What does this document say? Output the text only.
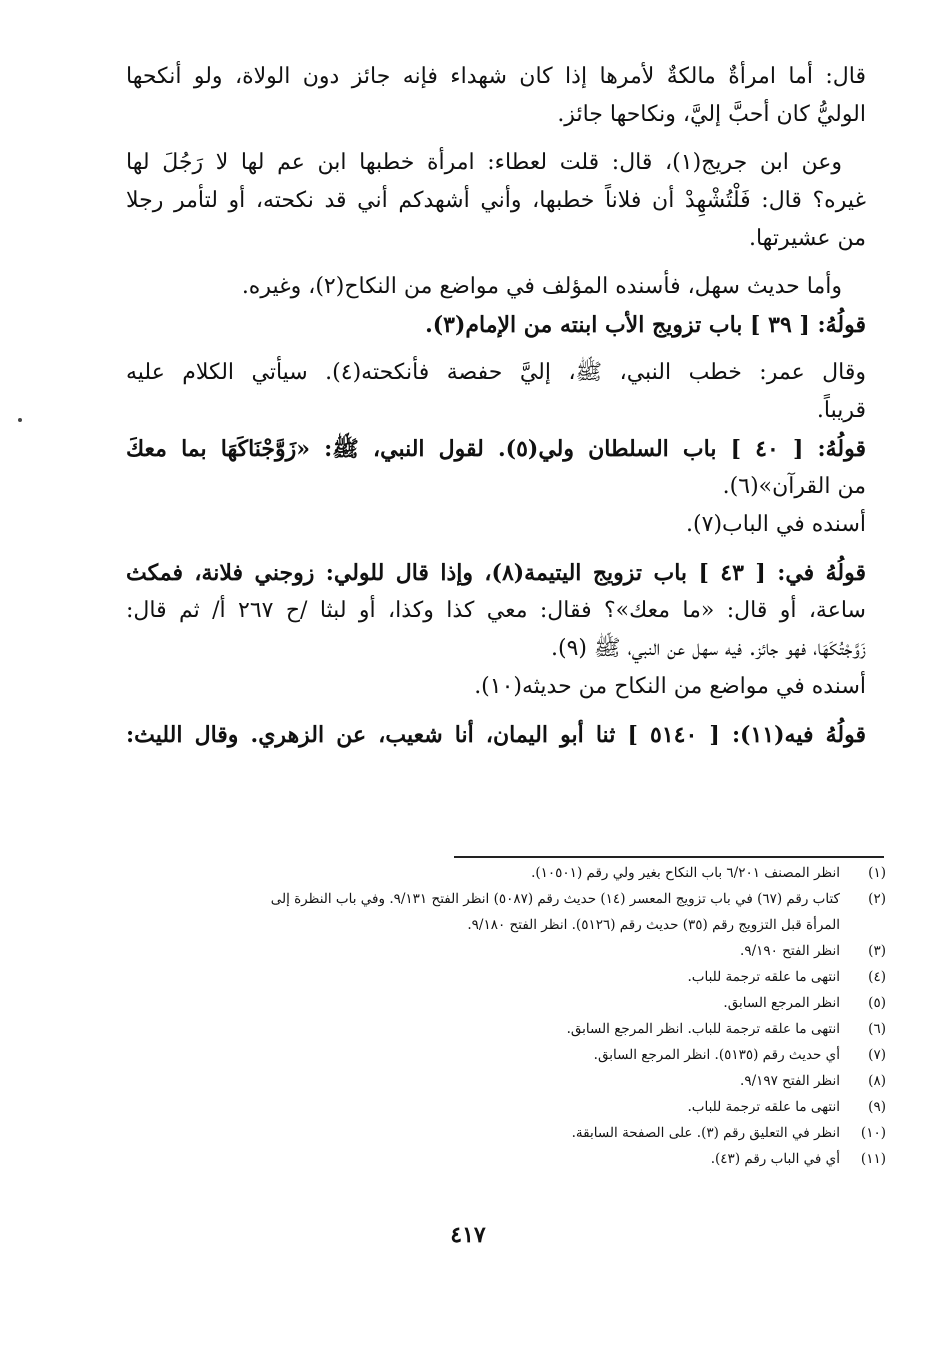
قال: أما امرأةٌ مالكةٌ لأمرها إذا كان شهداء فإنه جائز دون الولاة، ولو أنكحها
الوليُّ كان أحبَّ إليَّ، ونكاحها جائز.
وعن ابن جريج(١)، قال: قلت لعطاء: امرأة خطبها ابن عم لها لا رَجُلَ لها
غيره؟ قال: فَلْتُشْهِدْ أن فلاناً خطبها، وأني أشهدكم أني قد نكحته، أو لتأمر رجلا
من عشيرتها.
وأما حديث سهل، فأسنده المؤلف في مواضع من النكاح(٢)، وغيره.
قولُهُ: [ ٣٩ ] باب تزويج الأب ابنته من الإمام(٣).
وقال عمر: خطب النبي، ﷺ، إليَّ حفصة فأنكحته(٤). سيأتي الكلام عليه
قريباً.
قولُهُ: [ ٤٠ ] باب السلطان ولي(٥). لقول النبي، ﷺ: «زَوَّجْنَاكَهَا بما معكَ
من القرآن»(٦).
أسنده في الباب(٧).
قولُهُ في: [ ٤٣ ] باب تزويج اليتيمة(٨)، وإذا قال للولي: زوجني فلانة، فمكث
ساعة، أو قال: «ما معك»؟ فقال: معي كذا وكذا، أو لبثا /ح ٢٦٧ أ/ ثم قال:
زَوَّجْتُكَهَا، فهو جائز. فيه سهل عن النبي، ﷺ (٩).
أسنده في مواضع من النكاح من حديثه(١٠).
قولُهُ فيه(١١): [ ٥١٤٠ ] ثنا أبو اليمان، أنا شعيب، عن الزهري. وقال الليث:
(١)
انظر المصنف ٦/٢٠١ باب النكاح بغير ولي رقم (١٠٥٠١).
(٢)
كتاب رقم (٦٧) في باب تزويج المعسر (١٤) حديث رقم (٥٠٨٧) انظر الفتح ٩/١٣١. وفي باب النظرة إلى
المرأة قبل التزويج رقم (٣٥) حديث رقم (٥١٢٦). انظر الفتح ٩/١٨٠.
(٣)
انظر الفتح ٩/١٩٠.
(٤)
انتهى ما علقه ترجمة للباب.
(٥)
انظر المرجع السابق.
(٦)
انتهى ما علقه ترجمة للباب. انظر المرجع السابق.
(٧)
أي حديث رقم (٥١٣٥). انظر المرجع السابق.
(٨)
انظر الفتح ٩/١٩٧.
(٩)
انتهى ما علقه ترجمة للباب.
(١٠)
انظر في التعليق رقم (٣). على الصفحة السابقة.
(١١)
أي في الباب رقم (٤٣).
٤١٧
